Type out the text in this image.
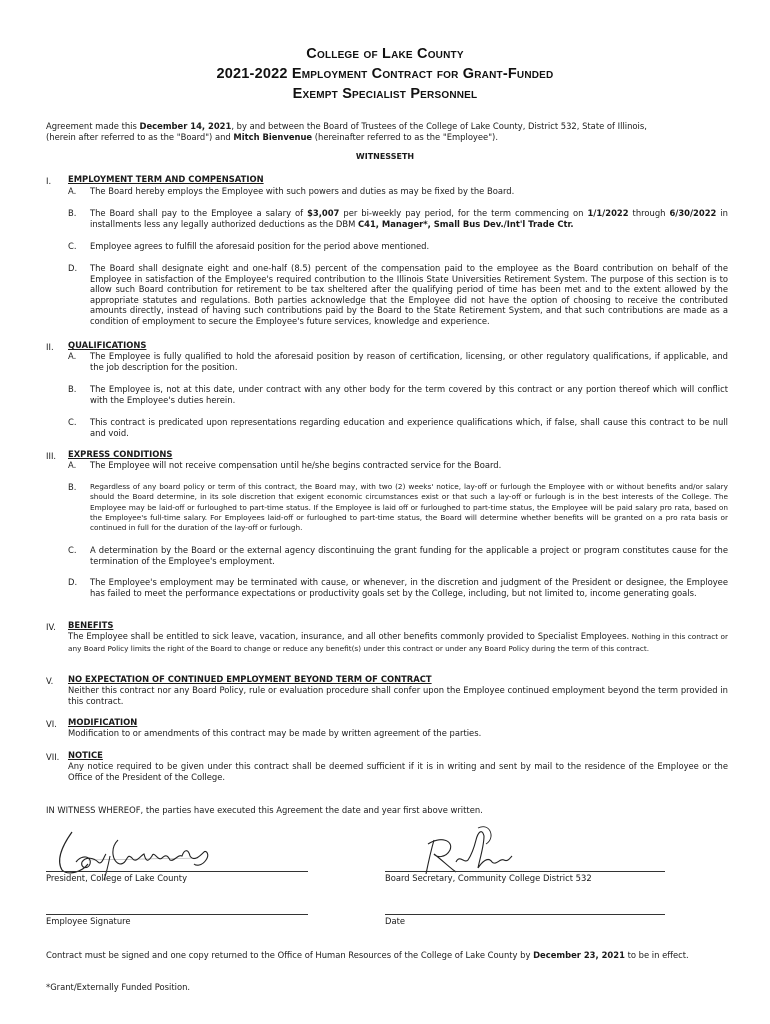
College of Lake County
2021-2022 Employment Contract for Grant-Funded
Exempt Specialist Personnel
Agreement made this December 14, 2021, by and between the Board of Trustees of the College of Lake County, District 532, State of Illinois,
(herein after referred to as the "Board") and Mitch Bienvenue (hereinafter referred to as the "Employee").
WITNESSETH
I.	EMPLOYMENT TERM AND COMPENSATION
A.	The Board hereby employs the Employee with such powers and duties as may be fixed by the Board.
B.	The Board shall pay to the Employee a salary of $3,007 per bi-weekly pay period, for the term commencing on 1/1/2022 through 6/30/2022 in installments less any legally authorized deductions as the DBM C41, Manager*, Small Bus Dev./Int'l Trade Ctr.
C.	Employee agrees to fulfill the aforesaid position for the period above mentioned.
D.	The Board shall designate eight and one-half (8.5) percent of the compensation paid to the employee as the Board contribution on behalf of the Employee in satisfaction of the Employee's required contribution to the Illinois State Universities Retirement System. The purpose of this section is to allow such Board contribution for retirement to be tax sheltered after the qualifying period of time has been met and to the extent allowed by the appropriate statutes and regulations. Both parties acknowledge that the Employee did not have the option of choosing to receive the contributed amounts directly, instead of having such contributions paid by the Board to the State Retirement System, and that such contributions are made as a condition of employment to secure the Employee's future services, knowledge and experience.
II.	QUALIFICATIONS
A.	The Employee is fully qualified to hold the aforesaid position by reason of certification, licensing, or other regulatory qualifications, if applicable, and the job description for the position.
B.	The Employee is, not at this date, under contract with any other body for the term covered by this contract or any portion thereof which will conflict with the Employee's duties herein.
C.	This contract is predicated upon representations regarding education and experience qualifications which, if false, shall cause this contract to be null and void.
III.	EXPRESS CONDITIONS
A.	The Employee will not receive compensation until he/she begins contracted service for the Board.
B.	Regardless of any board policy or term of this contract, the Board may, with two (2) weeks' notice, lay-off or furlough the Employee with or without benefits and/or salary should the Board determine, in its sole discretion that exigent economic circumstances exist or that such a lay-off or furlough is in the best interests of the College. The Employee may be laid-off or furloughed to part-time status. If the Employee is laid off or furloughed to part-time status, the Employee will be paid salary pro rata, based on the Employee's full-time salary. For Employees laid-off or furloughed to part-time status, the Board will determine whether benefits will be granted on a pro rata basis or continued in full for the duration of the lay-off or furlough.
C.	A determination by the Board or the external agency discontinuing the grant funding for the applicable a project or program constitutes cause for the termination of the Employee's employment.
D.	The Employee's employment may be terminated with cause, or whenever, in the discretion and judgment of the President or designee, the Employee has failed to meet the performance expectations or productivity goals set by the College, including, but not limited to, income generating goals.
IV.	BENEFITS
The Employee shall be entitled to sick leave, vacation, insurance, and all other benefits commonly provided to Specialist Employees. Nothing in this contract or any Board Policy limits the right of the Board to change or reduce any benefit(s) under this contract or under any Board Policy during the term of this contract.
V.	NO EXPECTATION OF CONTINUED EMPLOYMENT BEYOND TERM OF CONTRACT
Neither this contract nor any Board Policy, rule or evaluation procedure shall confer upon the Employee continued employment beyond the term provided in this contract.
VI.	MODIFICATION
Modification to or amendments of this contract may be made by written agreement of the parties.
VII.	NOTICE
Any notice required to be given under this contract shall be deemed sufficient if it is in writing and sent by mail to the residence of the Employee or the Office of the President of the College.
IN WITNESS WHEREOF, the parties have executed this Agreement the date and year first above written.
President, College of Lake County	Board Secretary, Community College District 532
Employee Signature	Date
Contract must be signed and one copy returned to the Office of Human Resources of the College of Lake County by December 23, 2021 to be in effect.
*Grant/Externally Funded Position.
